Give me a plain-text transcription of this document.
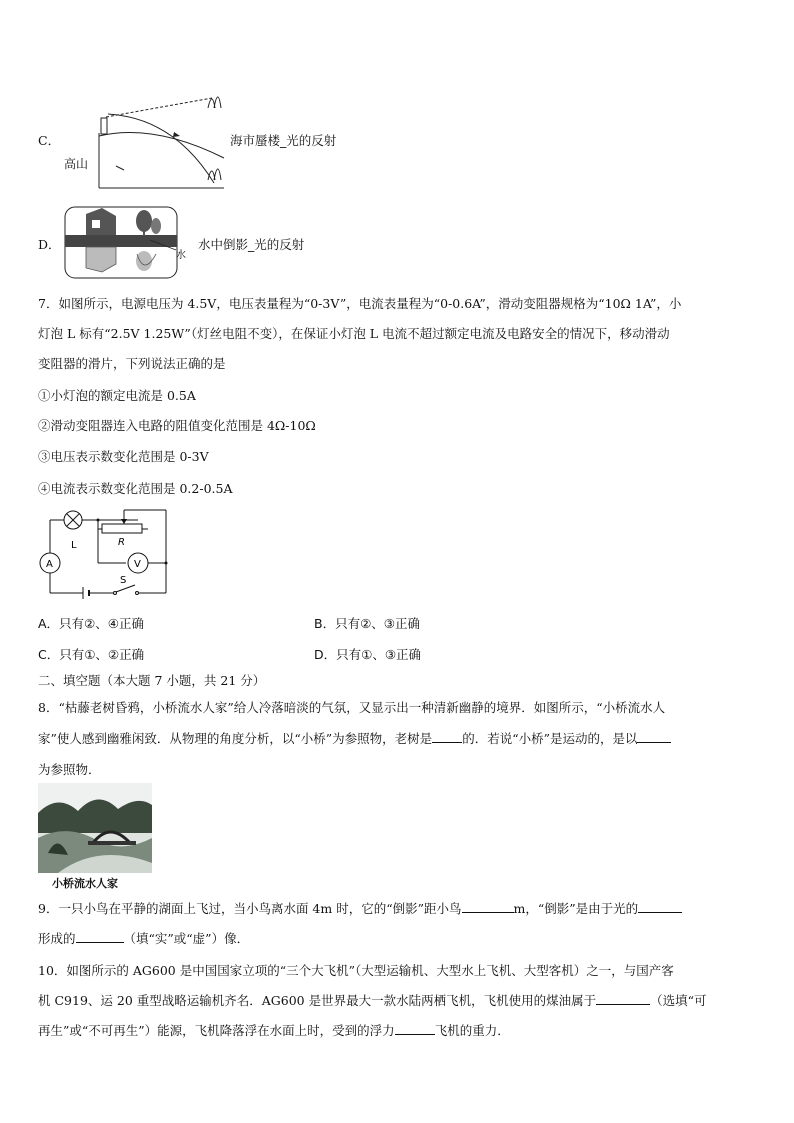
C．
高山
海市蜃楼_光的反射
D．
水
水中倒影_光的反射
7．如图所示，电源电压为 4.5V，电压表量程为“0-3V”，电流表量程为“0-0.6A”，滑动变阻器规格为“10Ω 1A”，小
灯泡 L 标有“2.5V 1.25W”（灯丝电阻不变），在保证小灯泡 L 电流不超过额定电流及电路安全的情况下，移动滑动
变阻器的滑片，下列说法正确的是
①小灯泡的额定电流是 0.5A
②滑动变阻器连入电路的阻值变化范围是 4Ω-10Ω
③电压表示数变化范围是 0-3V
④电流表示数变化范围是 0.2-0.5A
L
A
R
V
S
A．只有②、④正确	B．只有②、③正确
C．只有①、②正确	D．只有①、③正确
二、填空题（本大题 7 小题，共 21 分）
8．“枯藤老树昏鸦，小桥流水人家”给人冷落暗淡的气氛，又显示出一种清新幽静的境界．如图所示，“小桥流水人
家”使人感到幽雅闲致．从物理的角度分析，以“小桥”为参照物，老树是 的．若说“小桥”是运动的，是以
为参照物．
小桥流水人家
9．一只小鸟在平静的湖面上飞过，当小鸟离水面 4m 时，它的“倒影”距小鸟	m，“倒影”是由于光的
形成的	（填“实”或“虚”）像．
10．如图所示的 AG600 是中国国家立项的“三个大飞机”（大型运输机、大型水上飞机、大型客机）之一，与国产客
机 C919、运 20 重型战略运输机齐名．AG600 是世界最大一款水陆两栖飞机，飞机使用的煤油属于	（选填“可
再生”或“不可再生”）能源，飞机降落浮在水面上时，受到的浮力	飞机的重力．
